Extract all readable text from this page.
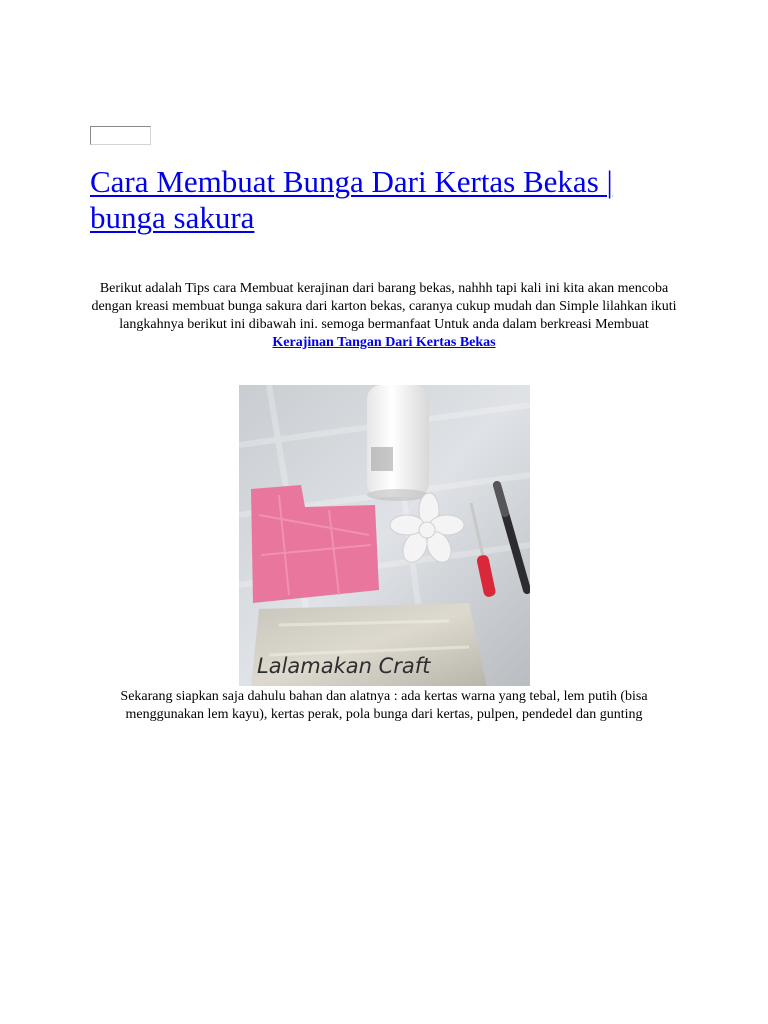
Cara Membuat Bunga Dari Kertas Bekas | bunga sakura

Berikut adalah Tips cara Membuat kerajinan dari barang bekas, nahhh tapi kali ini kita akan mencoba dengan kreasi membuat bunga sakura dari karton bekas, caranya cukup mudah dan Simple lilahkan ikuti langkahnya berikut ini dibawah ini. semoga bermanfaat Untuk anda dalam berkreasi Membuat Kerajinan Tangan Dari Kertas Bekas

Lalamakan Craft

Sekarang siapkan saja dahulu bahan dan alatnya : ada kertas warna yang tebal, lem putih (bisa menggunakan lem kayu), kertas perak, pola bunga dari kertas, pulpen, pendedel dan gunting
